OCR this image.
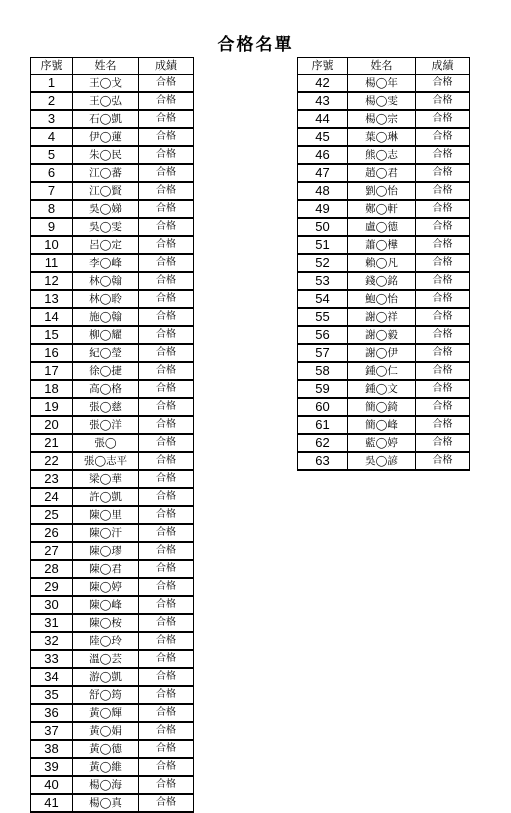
合格名單
序號	姓名	成績
1	王◯戈	合格
2	王◯弘	合格
3	石◯凱	合格
4	伊◯蓮	合格
5	朱◯民	合格
6	江◯蕃	合格
7	江◯賢	合格
8	吳◯娣	合格
9	吳◯雯	合格
10	呂◯定	合格
11	李◯峰	合格
12	林◯翰	合格
13	林◯聆	合格
14	施◯翰	合格
15	柳◯耀	合格
16	紀◯瑩	合格
17	徐◯捷	合格
18	高◯格	合格
19	張◯慈	合格
20	張◯洋	合格
21	張◯	合格
22	張◯志平	合格
23	梁◯華	合格
24	許◯凱	合格
25	陳◯里	合格
26	陳◯汗	合格
27	陳◯璆	合格
28	陳◯君	合格
29	陳◯婷	合格
30	陳◯峰	合格
31	陳◯桉	合格
32	陸◯玲	合格
33	溫◯芸	合格
34	游◯凱	合格
35	舒◯筠	合格
36	黃◯輝	合格
37	黃◯娟	合格
38	黃◯德	合格
39	黃◯維	合格
40	楊◯海	合格
41	楊◯真	合格
序號	姓名	成績
42	楊◯年	合格
43	楊◯雯	合格
44	楊◯宗	合格
45	葉◯琳	合格
46	熊◯志	合格
47	趙◯君	合格
48	劉◯怡	合格
49	鄭◯軒	合格
50	盧◯德	合格
51	蕭◯樺	合格
52	賴◯凡	合格
53	錢◯銘	合格
54	鮑◯怡	合格
55	謝◯祥	合格
56	謝◯毅	合格
57	謝◯伊	合格
58	鍾◯仁	合格
59	鍾◯文	合格
60	簡◯錡	合格
61	簡◯峰	合格
62	藍◯婷	合格
63	吳◯諺	合格
